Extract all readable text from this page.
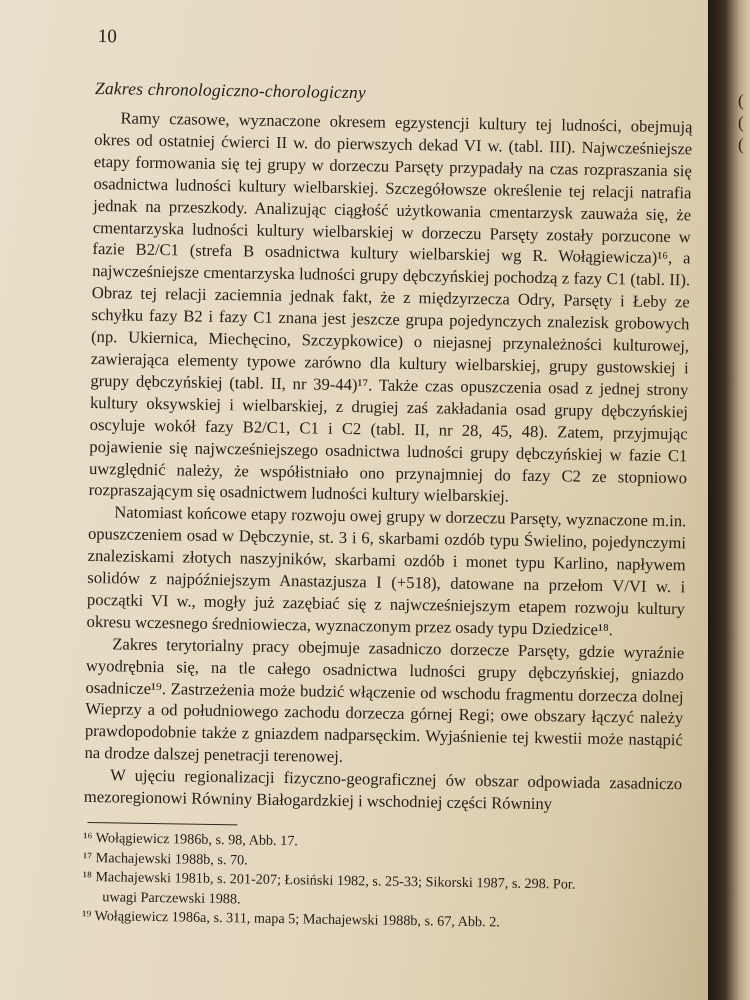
10
Zakres chronologiczno-chorologiczny

Ramy czasowe, wyznaczone okresem egzystencji kultury tej ludności, obejmują okres od ostatniej ćwierci II w. do pierwszych dekad VI w. (tabl. III). Najwcześniejsze etapy formowania się tej grupy w dorzeczu Parsęty przypadały na czas rozpraszania się osadnictwa ludności kultury wielbarskiej. Szczegółowsze określenie tej relacji natrafia jednak na przeszkody. Analizując ciągłość użytkowania cmentarzysk zauważa się, że cmentarzyska ludności kultury wielbarskiej w dorzeczu Parsęty zostały porzucone w fazie B2/C1 (strefa B osadnictwa kultury wielbarskiej wg R. Wołągiewicza)¹⁶, a najwcześniejsze cmentarzyska ludności grupy dębczyńskiej pochodzą z fazy C1 (tabl. II). Obraz tej relacji zaciemnia jednak fakt, że z międzyrzecza Odry, Parsęty i Łeby ze schyłku fazy B2 i fazy C1 znana jest jeszcze grupa pojedynczych znalezisk grobowych (np. Ukiernica, Miechęcino, Szczypkowice) o niejasnej przynależności kulturowej, zawierająca elementy typowe zarówno dla kultury wielbarskiej, grupy gustowskiej i grupy dębczyńskiej (tabl. II, nr 39-44)¹⁷. Także czas opuszczenia osad z jednej strony kultury oksywskiej i wielbarskiej, z drugiej zaś zakładania osad grupy dębczyńskiej oscyluje wokół fazy B2/C1, C1 i C2 (tabl. II, nr 28, 45, 48). Zatem, przyjmując pojawienie się najwcześniejszego osadnictwa ludności grupy dębczyńskiej w fazie C1 uwzględnić należy, że współistniało ono przynajmniej do fazy C2 ze stopniowo rozpraszającym się osadnictwem ludności kultury wielbarskiej.

Natomiast końcowe etapy rozwoju owej grupy w dorzeczu Parsęty, wyznaczone m.in. opuszczeniem osad w Dębczynie, st. 3 i 6, skarbami ozdób typu Świelino, pojedynczymi znaleziskami złotych naszyjników, skarbami ozdób i monet typu Karlino, napływem solidów z najpóźniejszym Anastazjusza I (+518), datowane na przełom V/VI w. i początki VI w., mogły już zazębiać się z najwcześniejszym etapem rozwoju kultury okresu wczesnego średniowiecza, wyznaczonym przez osady typu Dziedzice¹⁸.

Zakres terytorialny pracy obejmuje zasadniczo dorzecze Parsęty, gdzie wyraźnie wyodrębnia się, na tle całego osadnictwa ludności grupy dębczyńskiej, gniazdo osadnicze¹⁹. Zastrzeżenia może budzić włączenie od wschodu fragmentu dorzecza dolnej Wieprzy a od południowego zachodu dorzecza górnej Regi; owe obszary łączyć należy prawdopodobnie także z gniazdem nadparsęckim. Wyjaśnienie tej kwestii może nastąpić na drodze dalszej penetracji terenowej.

W ujęciu regionalizacji fizyczno-geograficznej ów obszar odpowiada zasadniczo mezoregionowi Równiny Białogardzkiej i wschodniej części Równiny

¹⁶ Wołągiewicz 1986b, s. 98, Abb. 17.
¹⁷ Machajewski 1988b, s. 70.
¹⁸ Machajewski 1981b, s. 201-207; Łosiński 1982, s. 25-33; Sikorski 1987, s. 298. Por.
uwagi Parczewski 1988.
¹⁹ Wołągiewicz 1986a, s. 311, mapa 5; Machajewski 1988b, s. 67, Abb. 2.
(
(
(
